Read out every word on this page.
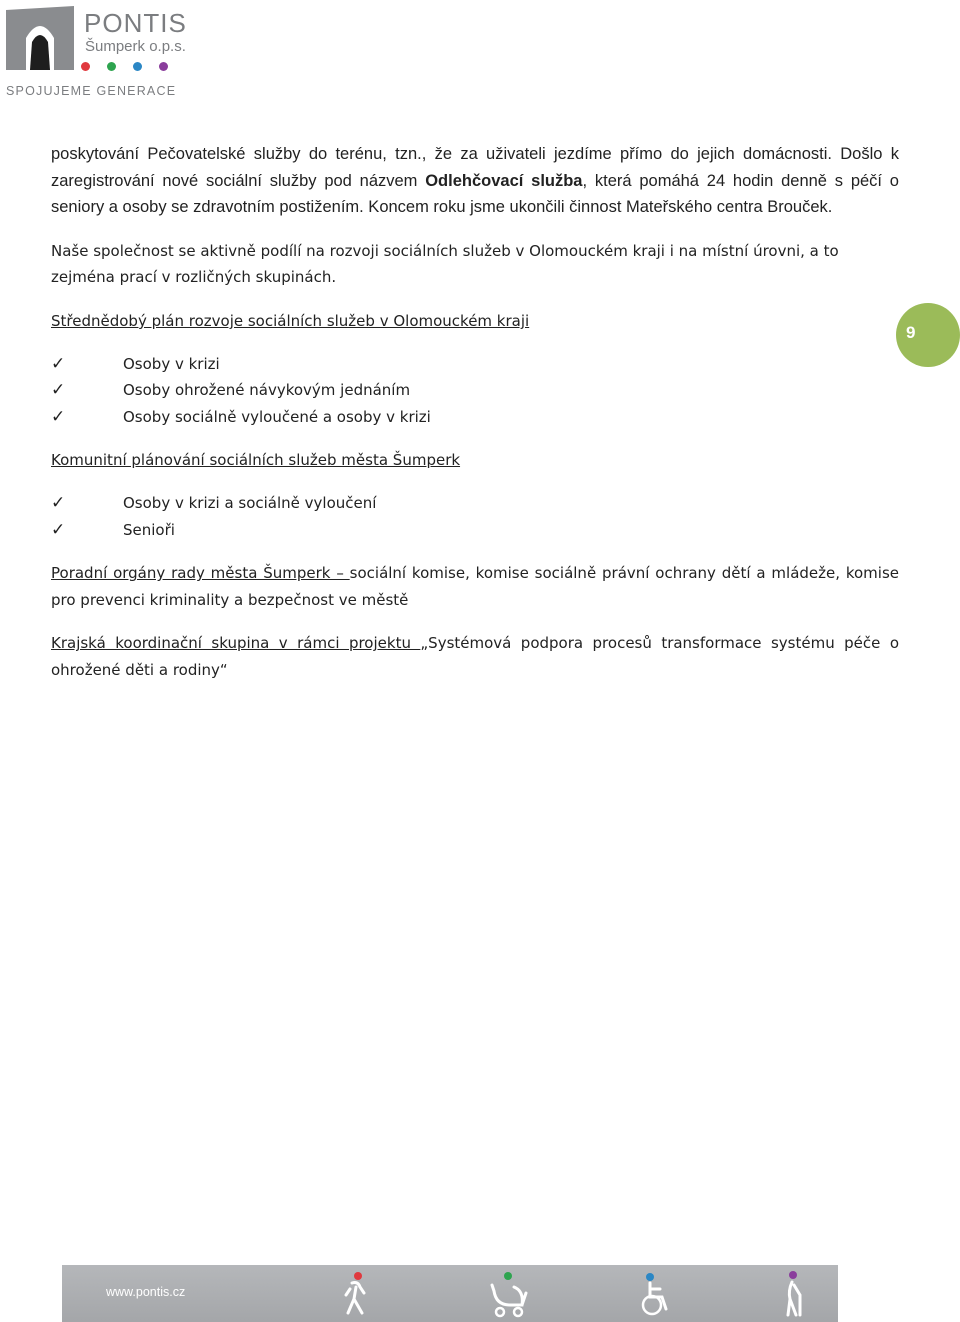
PONTIS
Šumperk o.p.s.
SPOJUJEME GENERACE
9

poskytování Pečovatelské služby do terénu, tzn., že za uživateli jezdíme přímo do jejich domácnosti. Došlo k zaregistrování nové sociální služby pod názvem Odlehčovací služba, která pomáhá 24 hodin denně s péčí o seniory a osoby se zdravotním postižením. Koncem roku jsme ukončili činnost Mateřského centra Brouček.

Naše společnost se aktivně podílí na rozvoji sociálních služeb v Olomouckém kraji i na místní úrovni, a to zejména prací v rozličných skupinách.

Střednědobý plán rozvoje sociálních služeb v Olomouckém kraji

✓	Osoby v krizi
✓	Osoby ohrožené návykovým jednáním
✓	Osoby sociálně vyloučené a osoby v krizi

Komunitní plánování sociálních služeb města Šumperk

✓	Osoby v krizi a sociálně vyloučení
✓	Senioři

Poradní orgány rady města Šumperk – sociální komise, komise sociálně právní ochrany dětí a mládeže, komise pro prevenci kriminality a bezpečnost ve městě

Krajská koordinační skupina v rámci projektu „Systémová podpora procesů transformace systému péče o ohrožené děti a rodiny“

www.pontis.cz
